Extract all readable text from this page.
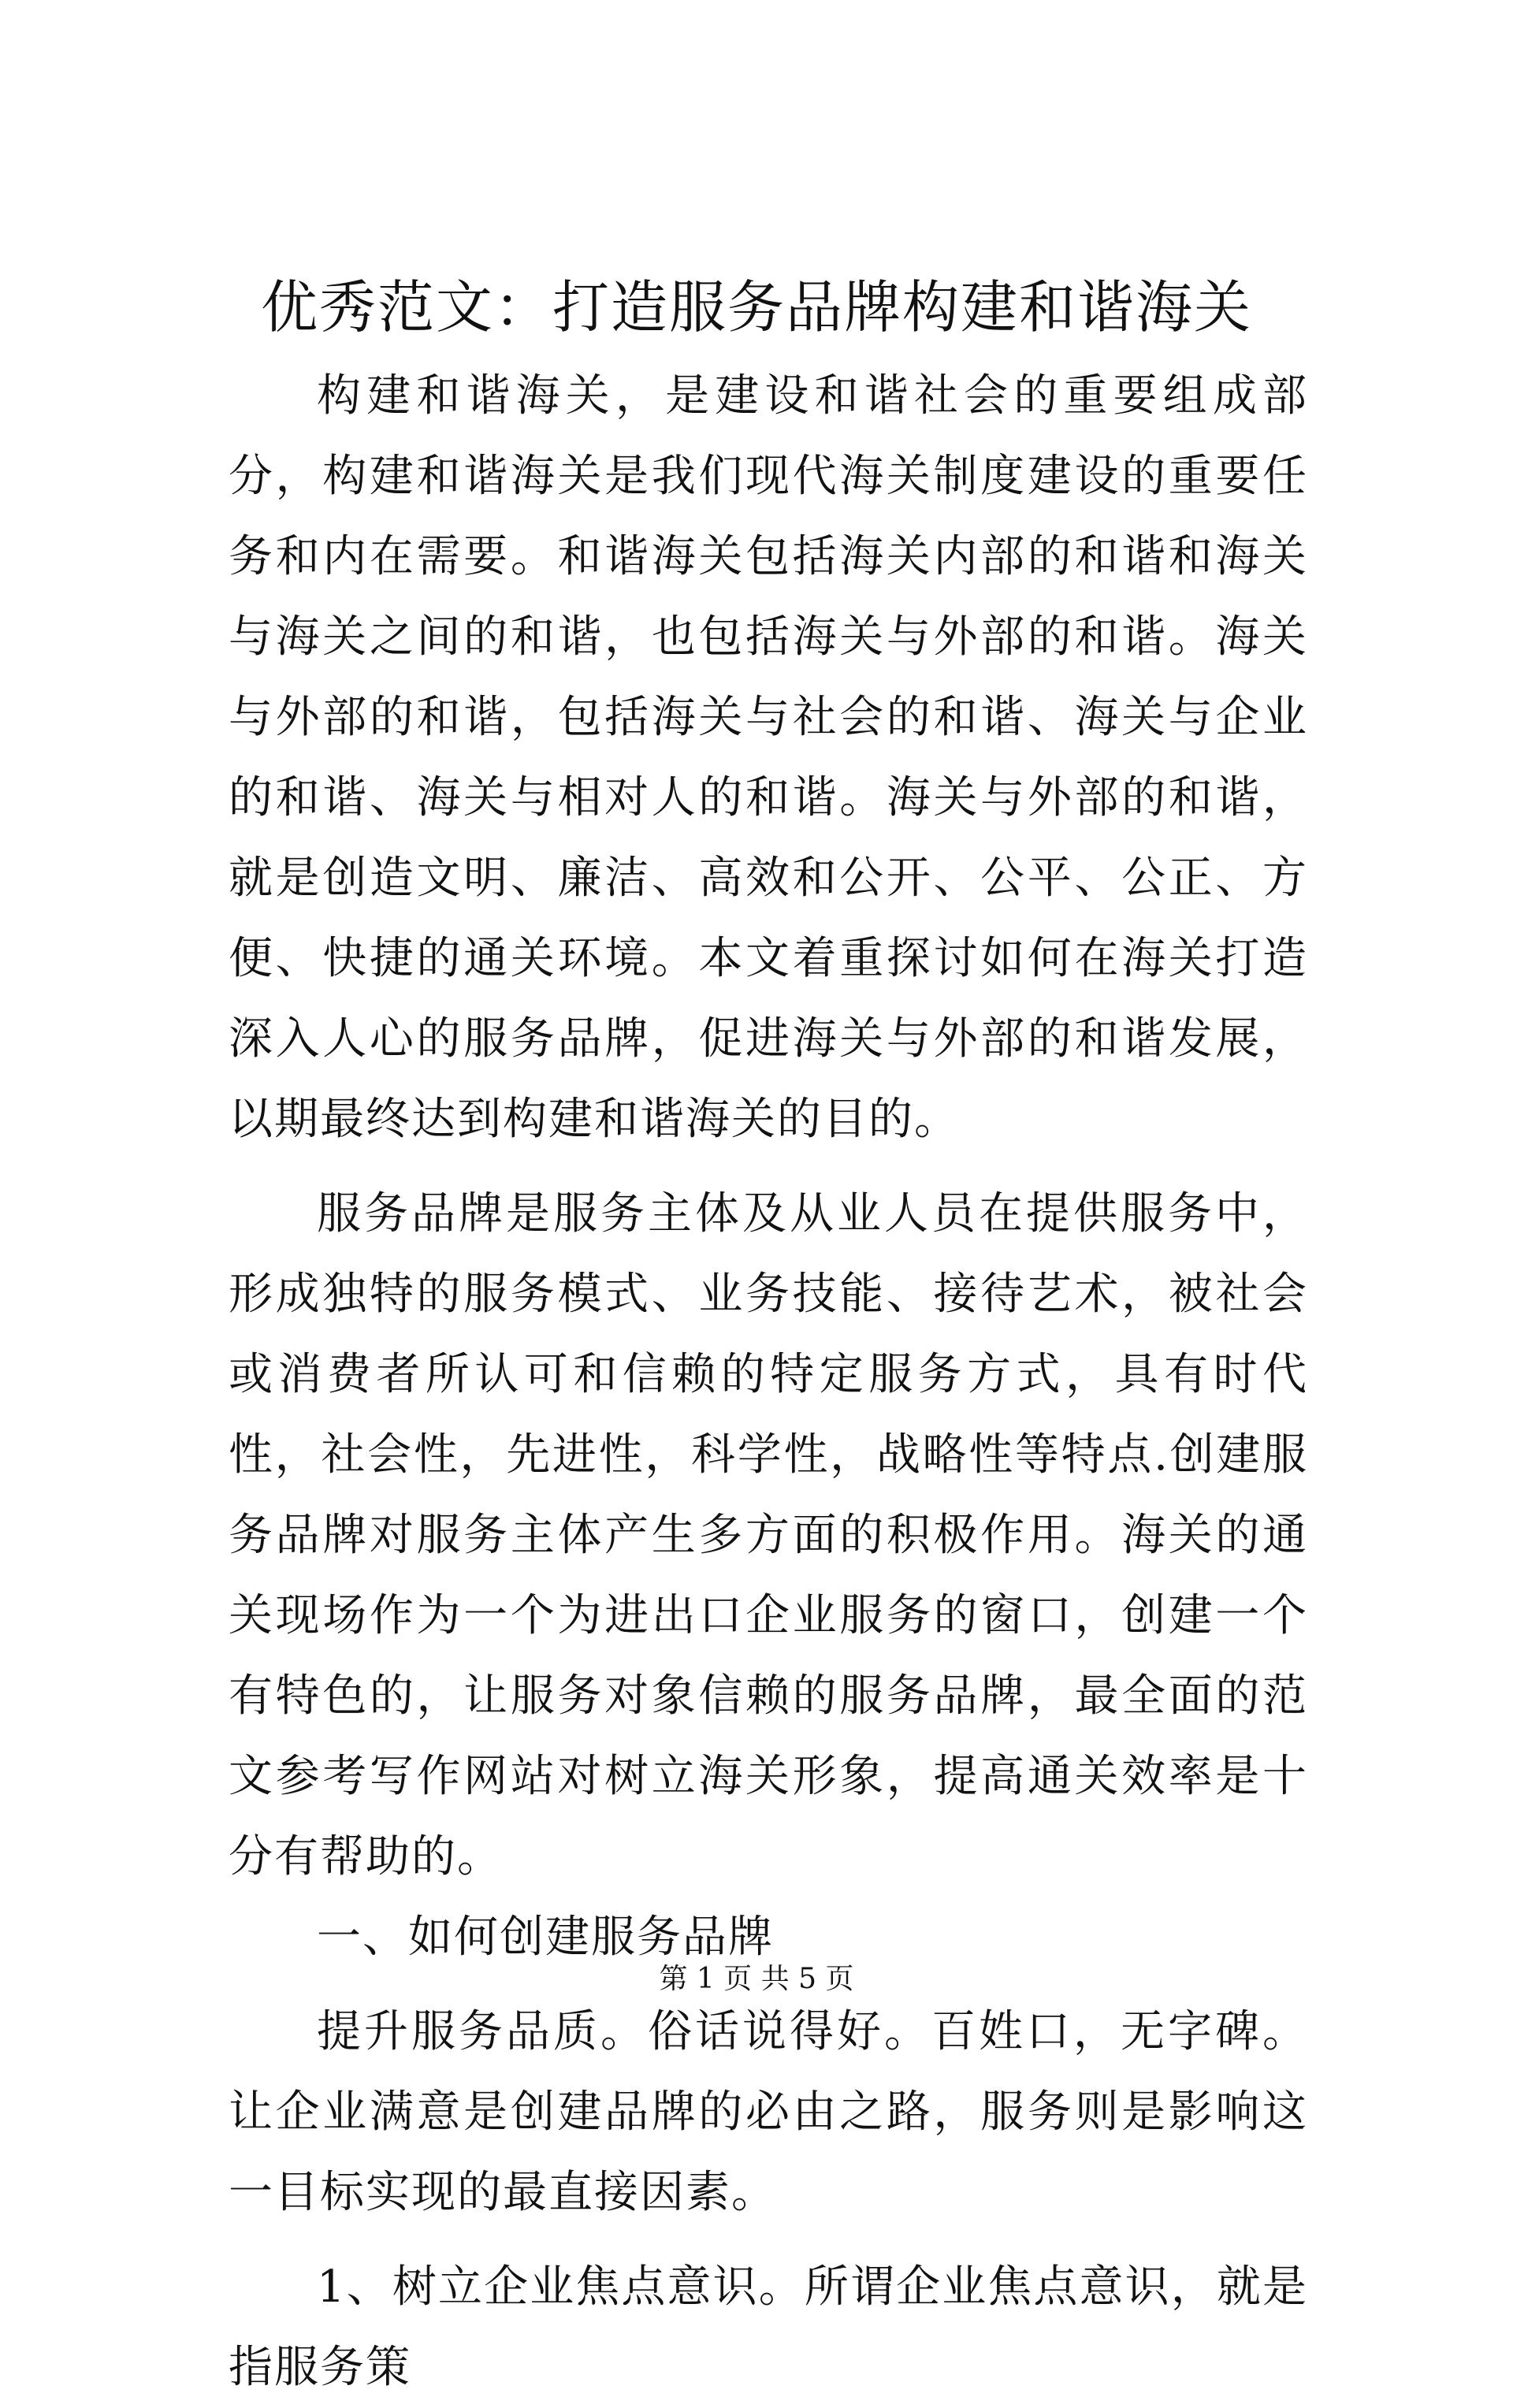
优秀范文：打造服务品牌构建和谐海关

构建和谐海关，是建设和谐社会的重要组成部分，构建和谐海关是我们现代海关制度建设的重要任务和内在需要。和谐海关包括海关内部的和谐和海关与海关之间的和谐，也包括海关与外部的和谐。海关与外部的和谐，包括海关与社会的和谐、海关与企业的和谐、海关与相对人的和谐。海关与外部的和谐，就是创造文明、廉洁、高效和公开、公平、公正、方便、快捷的通关环境。本文着重探讨如何在海关打造深入人心的服务品牌，促进海关与外部的和谐发展，以期最终达到构建和谐海关的目的。

服务品牌是服务主体及从业人员在提供服务中，形成独特的服务模式、业务技能、接待艺术，被社会或消费者所认可和信赖的特定服务方式，具有时代性，社会性，先进性，科学性，战略性等特点.创建服务品牌对服务主体产生多方面的积极作用。海关的通关现场作为一个为进出口企业服务的窗口，创建一个有特色的，让服务对象信赖的服务品牌，最全面的范文参考写作网站对树立海关形象，提高通关效率是十分有帮助的。

一、如何创建服务品牌

提升服务品质。俗话说得好。百姓口，无字碑。让企业满意是创建品牌的必由之路，服务则是影响这一目标实现的最直接因素。

1、树立企业焦点意识。所谓企业焦点意识，就是指服务策

第 1 页 共 5 页
